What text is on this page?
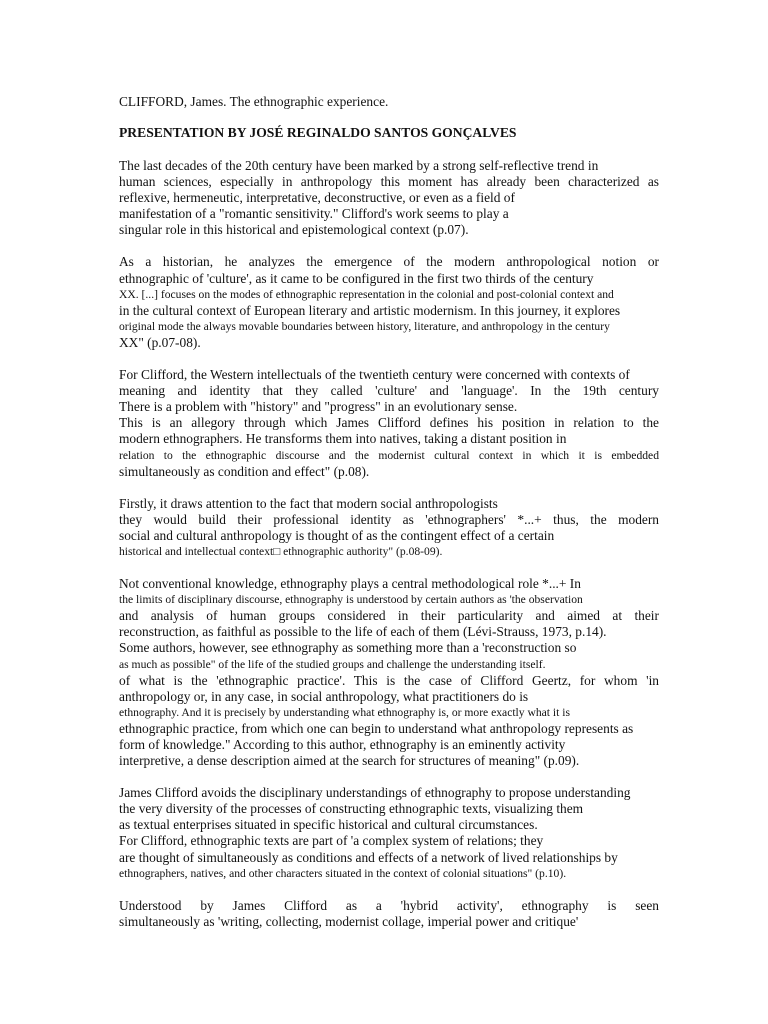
CLIFFORD, James. The ethnographic experience.
PRESENTATION BY JOSÉ REGINALDO SANTOS GONÇALVES
The last decades of the 20th century have been marked by a strong self-reflective trend in
human sciences, especially in anthropology this moment has already been characterized as
reflexive, hermeneutic, interpretative, deconstructive, or even as a field of
manifestation of a "romantic sensitivity." Clifford's work seems to play a
singular role in this historical and epistemological context (p.07).
As a historian, he analyzes the emergence of the modern anthropological notion or
ethnographic of 'culture', as it came to be configured in the first two thirds of the century
XX. [...] focuses on the modes of ethnographic representation in the colonial and post-colonial context and
in the cultural context of European literary and artistic modernism. In this journey, it explores
original mode the always movable boundaries between history, literature, and anthropology in the century
XX" (p.07-08).
For Clifford, the Western intellectuals of the twentieth century were concerned with contexts of
meaning and identity that they called 'culture' and 'language'. In the 19th century
There is a problem with "history" and "progress" in an evolutionary sense.
This is an allegory through which James Clifford defines his position in relation to the
modern ethnographers. He transforms them into natives, taking a distant position in
relation to the ethnographic discourse and the modernist cultural context in which it is embedded
simultaneously as condition and effect" (p.08).
Firstly, it draws attention to the fact that modern social anthropologists
they would build their professional identity as 'ethnographers' *...+ thus, the modern
social and cultural anthropology is thought of as the contingent effect of a certain
historical and intellectual context□ ethnographic authority" (p.08-09).
Not conventional knowledge, ethnography plays a central methodological role *...+ In
the limits of disciplinary discourse, ethnography is understood by certain authors as 'the observation
and analysis of human groups considered in their particularity and aimed at their
reconstruction, as faithful as possible to the life of each of them (Lévi-Strauss, 1973, p.14).
Some authors, however, see ethnography as something more than a 'reconstruction so
as much as possible" of the life of the studied groups and challenge the understanding itself.
of what is the 'ethnographic practice'. This is the case of Clifford Geertz, for whom 'in
anthropology or, in any case, in social anthropology, what practitioners do is
ethnography. And it is precisely by understanding what ethnography is, or more exactly what it is
ethnographic practice, from which one can begin to understand what anthropology represents as
form of knowledge." According to this author, ethnography is an eminently activity
interpretive, a dense description aimed at the search for structures of meaning" (p.09).
James Clifford avoids the disciplinary understandings of ethnography to propose understanding
the very diversity of the processes of constructing ethnographic texts, visualizing them
as textual enterprises situated in specific historical and cultural circumstances.
For Clifford, ethnographic texts are part of 'a complex system of relations; they
are thought of simultaneously as conditions and effects of a network of lived relationships by
ethnographers, natives, and other characters situated in the context of colonial situations" (p.10).
Understood by James Clifford as a 'hybrid activity', ethnography is seen
simultaneously as 'writing, collecting, modernist collage, imperial power and critique'
